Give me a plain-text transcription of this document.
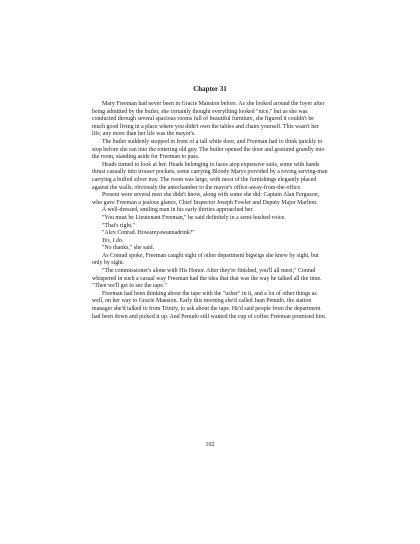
Chapter 31

Mary Freeman had never been in Gracie Mansion before. As she looked around the foyer after being admitted by the butler, she certainly thought everything looked "nice," but as she was conducted through several spacious rooms full of beautiful furniture, she figured it couldn't be much good living in a place where you didn't own the tables and chairs yourself. This wasn't her life, any more than her life was the mayor's.

The butler suddenly stopped in front of a tall white door, and Freeman had to think quickly to stop before she ran into the tottering old guy. The butler opened the door and gestured grandly into the room, standing aside for Freeman to pass.

Heads turned to look at her. Heads belonging to faces atop expensive suits, some with hands thrust casually into trouser pockets, some carrying Bloody Marys provided by a roving serving-man carrying a buffed silver tray. The room was large, with most of the furnishings elegantly placed against the walls; obviously the antechamber to the mayor's office-away-from-the-office.

Present were several men she didn't know, along with some she did: Captain Alan Ferguson, who gave Freeman a jealous glance, Chief Inspector Joseph Fowler and Deputy Major Marlton.

A well-dressed, smiling man in his early thirties approached her.

"You must be Lieutenant Freeman," he said definitely in a semi-hushed voice.

"That's right."

"Alex Conrad. Howareyawannadrink?"

Yes, I do.

"No thanks," she said.

As Conrad spoke, Freeman caught sight of other department bigwigs she knew by sight, but only by sight.

"The commissioner's alone with His Honor. After they're finished, you'll all meet," Conrad whispered in such a casual way Freeman had the idea that that was the way he talked all the time. "Then we'll get to see the tape."

Freeman had been thinking about the tape with the "usher" in it, and a lot of other things as well, on her way to Gracie Mansion. Early this morning she'd called Juan Penudo, the station manager she'd talked to from Trinity, to ask about the tape. He'd said people from the department had been down and picked it up. And Penudo still wanted the cup of coffee Freeman promised him.

102
